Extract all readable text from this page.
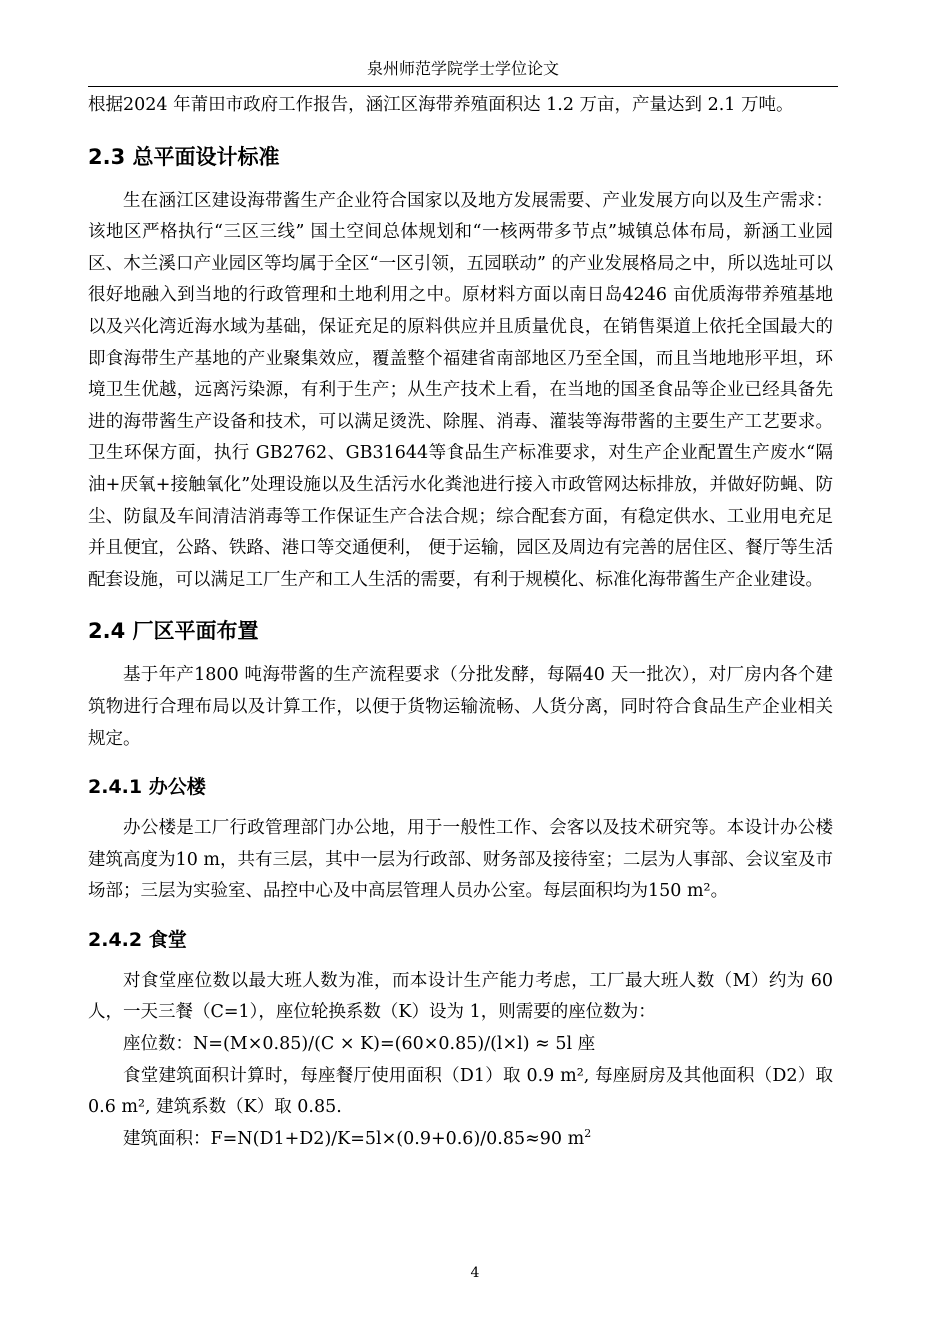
泉州师范学院学士学位论文

根据2024 年莆田市政府工作报告，涵江区海带养殖面积达 1.2 万亩，产量达到 2.1 万吨。

2.3 总平面设计标准

生在涵江区建设海带酱生产企业符合国家以及地方发展需要、产业发展方向以及生产需求：该地区严格执行“三区三线” 国土空间总体规划和“一核两带多节点”城镇总体布局，新涵工业园区、木兰溪口产业园区等均属于全区“一区引领，五园联动” 的产业发展格局之中，所以选址可以很好地融入到当地的行政管理和土地利用之中。原材料方面以南日岛4246 亩优质海带养殖基地以及兴化湾近海水域为基础，保证充足的原料供应并且质量优良，在销售渠道上依托全国最大的即食海带生产基地的产业聚集效应，覆盖整个福建省南部地区乃至全国，而且当地地形平坦，环境卫生优越，远离污染源，有利于生产；从生产技术上看，在当地的国圣食品等企业已经具备先进的海带酱生产设备和技术，可以满足烫洗、除腥、消毒、灌装等海带酱的主要生产工艺要求。卫生环保方面，执行 GB2762、GB31644等食品生产标准要求，对生产企业配置生产废水“隔油+厌氧+接触氧化”处理设施以及生活污水化粪池进行接入市政管网达标排放，并做好防蝇、防尘、防鼠及车间清洁消毒等工作保证生产合法合规；综合配套方面，有稳定供水、工业用电充足并且便宜，公路、铁路、港口等交通便利， 便于运输，园区及周边有完善的居住区、餐厅等生活配套设施，可以满足工厂生产和工人生活的需要，有利于规模化、标准化海带酱生产企业建设。

2.4 厂区平面布置

基于年产1800 吨海带酱的生产流程要求（分批发酵，每隔40 天一批次），对厂房内各个建筑物进行合理布局以及计算工作，以便于货物运输流畅、人货分离，同时符合食品生产企业相关规定。

2.4.1 办公楼

办公楼是工厂行政管理部门办公地，用于一般性工作、会客以及技术研究等。本设计办公楼建筑高度为10 m，共有三层，其中一层为行政部、财务部及接待室；二层为人事部、会议室及市场部；三层为实验室、品控中心及中高层管理人员办公室。每层面积均为150 m²。

2.4.2 食堂

对食堂座位数以最大班人数为准，而本设计生产能力考虑，工厂最大班人数（M）约为 60 人，一天三餐（C=1），座位轮换系数（K）设为 1，则需要的座位数为：

座位数：N=(M×0.85)/(C × K)=(60×0.85)/(l×l) ≈ 5l 座

食堂建筑面积计算时，每座餐厅使用面积（D1）取 0.9 m², 每座厨房及其他面积（D2）取 0.6 m², 建筑系数（K）取 0.85.

建筑面积：F=N(D1+D2)/K=5l×(0.9+0.6)/0.85≈90 $m^2$

4
